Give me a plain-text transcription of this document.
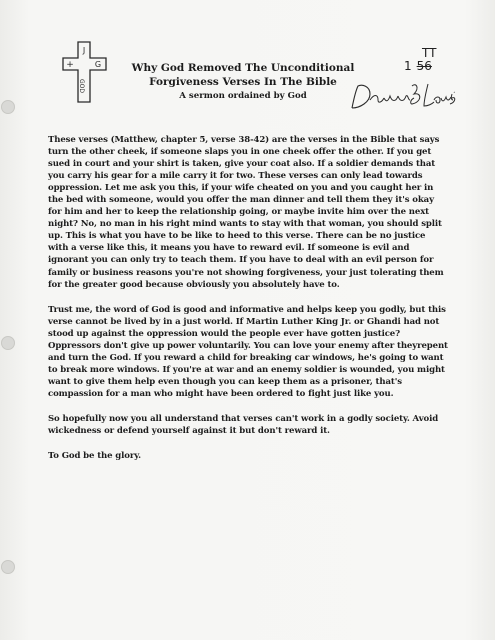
J
+	G
GOD
Why God Removed The Unconditional
Forgiveness Verses In The Bible
A sermon ordained by God
TT
1 56
Davon B Lewis

These verses (Matthew, chapter 5, verse 38-42) are the verses in the Bible that says turn the other cheek, if someone slaps you in one cheek offer the other. If you get sued in court and your shirt is taken, give your coat also. If a soldier demands that you carry his gear for a mile carry it for two. These verses can only lead towards oppression. Let me ask you this, if your wife cheated on you and you caught her in the bed with someone, would you offer the man dinner and tell them they it's okay for him and her to keep the relationship going, or maybe invite him over the next night? No, no man in his right mind wants to stay with that woman, you should split up. This is what you have to be like to heed to this verse. There can be no justice with a verse like this, it means you have to reward evil. If someone is evil and ignorant you can only try to teach them. If you have to deal with an evil person for family or business reasons you're not showing forgiveness, your just tolerating them for the greater good because obviously you absolutely have to.

Trust me, the word of God is good and informative and helps keep you godly, but this verse cannot be lived by in a just world. If Martin Luther King Jr. or Ghandi had not stood up against the oppression would the people ever have gotten justice? Oppressors don't give up power voluntarily. You can love your enemy after theyrepent and turn the God. If you reward a child for breaking car windows, he's going to want to break more windows. If you're at war and an enemy soldier is wounded, you might want to give them help even though you can keep them as a prisoner, that's compassion for a man who might have been ordered to fight just like you.

So hopefully now you all understand that verses can't work in a godly society. Avoid wickedness or defend yourself against it but don't reward it.

To God be the glory.
